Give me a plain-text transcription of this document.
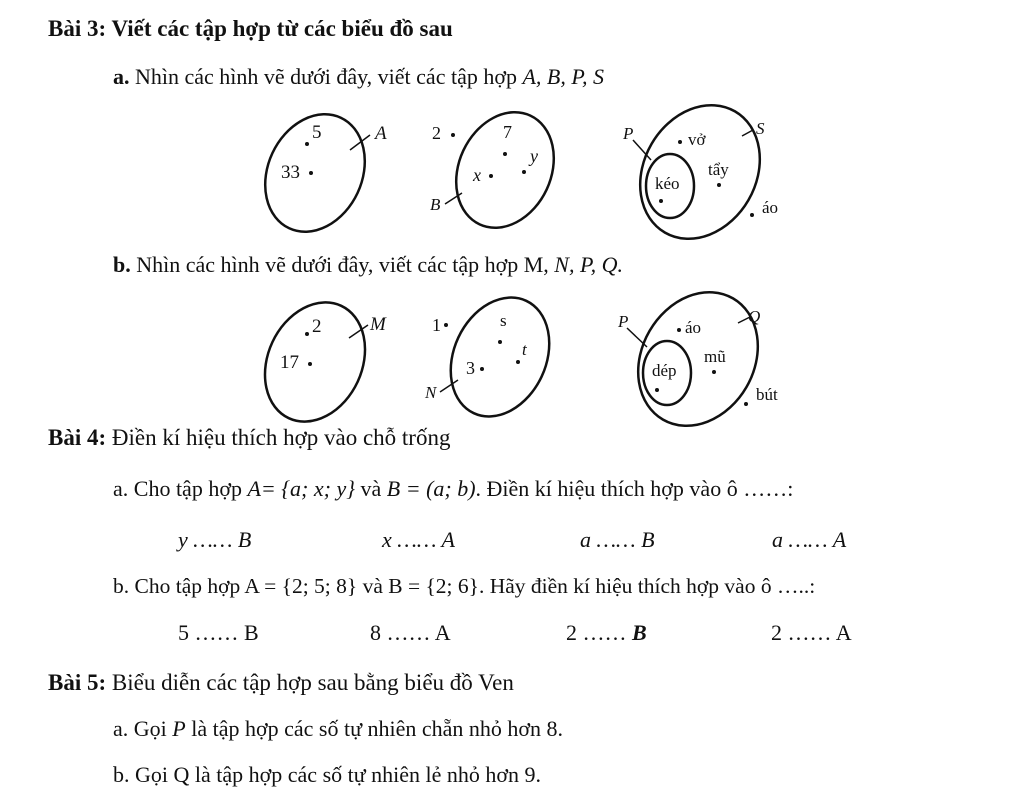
Bài 3: Viết các tập hợp từ các biểu đồ sau
a. Nhìn các hình vẽ dưới đây, viết các tập hợp A, B, P, S
A
5
33
B
2	7
y
x
P	S
vở
tẩy
kéo
áo
b. Nhìn các hình vẽ dưới đây, viết các tập hợp M, N, P, Q.
M
2
17
N
1	s
t
3
P	Q
áo
mũ
dép
bút
Bài 4: Điền kí hiệu thích hợp vào chỗ trống
a. Cho tập hợp A= {a; x; y} và B = (a; b). Điền kí hiệu thích hợp vào ô ……:
y …… B	x …… A	a …… B	a …… A
b. Cho tập hợp A = {2; 5; 8} và B = {2; 6}. Hãy điền kí hiệu thích hợp vào ô …..:
5 …… B	8 …… A	2 …… B	2 …… A
Bài 5: Biểu diễn các tập hợp sau bằng biểu đồ Ven
a. Gọi P là tập hợp các số tự nhiên chẵn nhỏ hơn 8.
b. Gọi Q là tập hợp các số tự nhiên lẻ nhỏ hơn 9.
